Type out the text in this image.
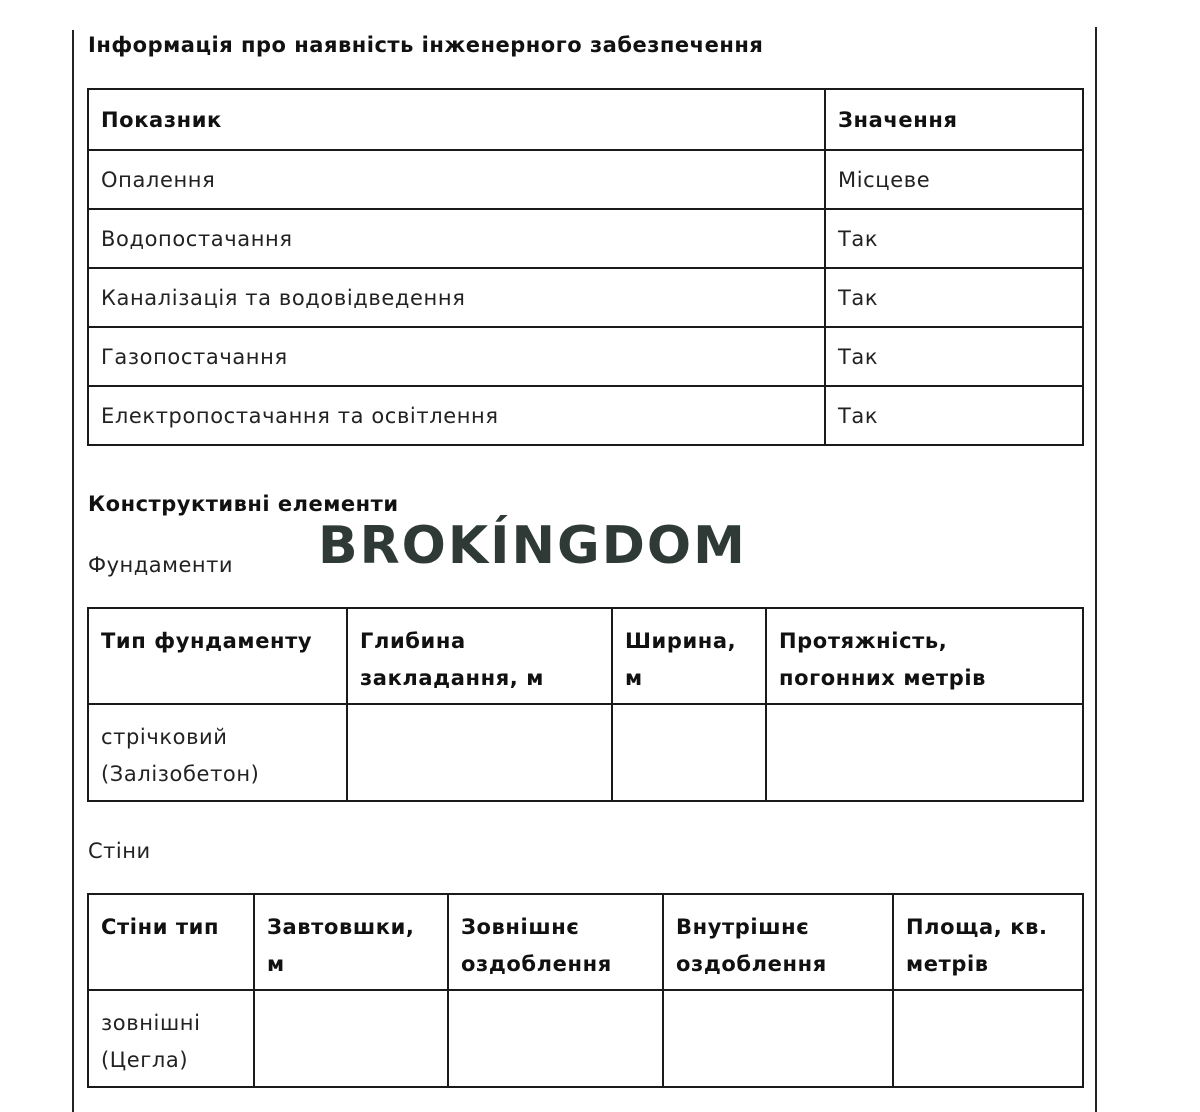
Інформація про наявність інженерного забезпечення
Показник	Значення
Опалення	Місцеве
Водопостачання	Так
Каналізація та водовідведення	Так
Газопостачання	Так
Електропостачання та освітлення	Так
Конструктивні елементи
BROKÍNGDOM
Фундаменти
Тип фундаменту	Глибина закладання, м	Ширина, м	Протяжність, погонних метрів
стрічковий (Залізобетон)			
Стіни
Стіни тип	Завтовшки, м	Зовнішнє оздоблення	Внутрішнє оздоблення	Площа, кв. метрів
зовнішні (Цегла)				
